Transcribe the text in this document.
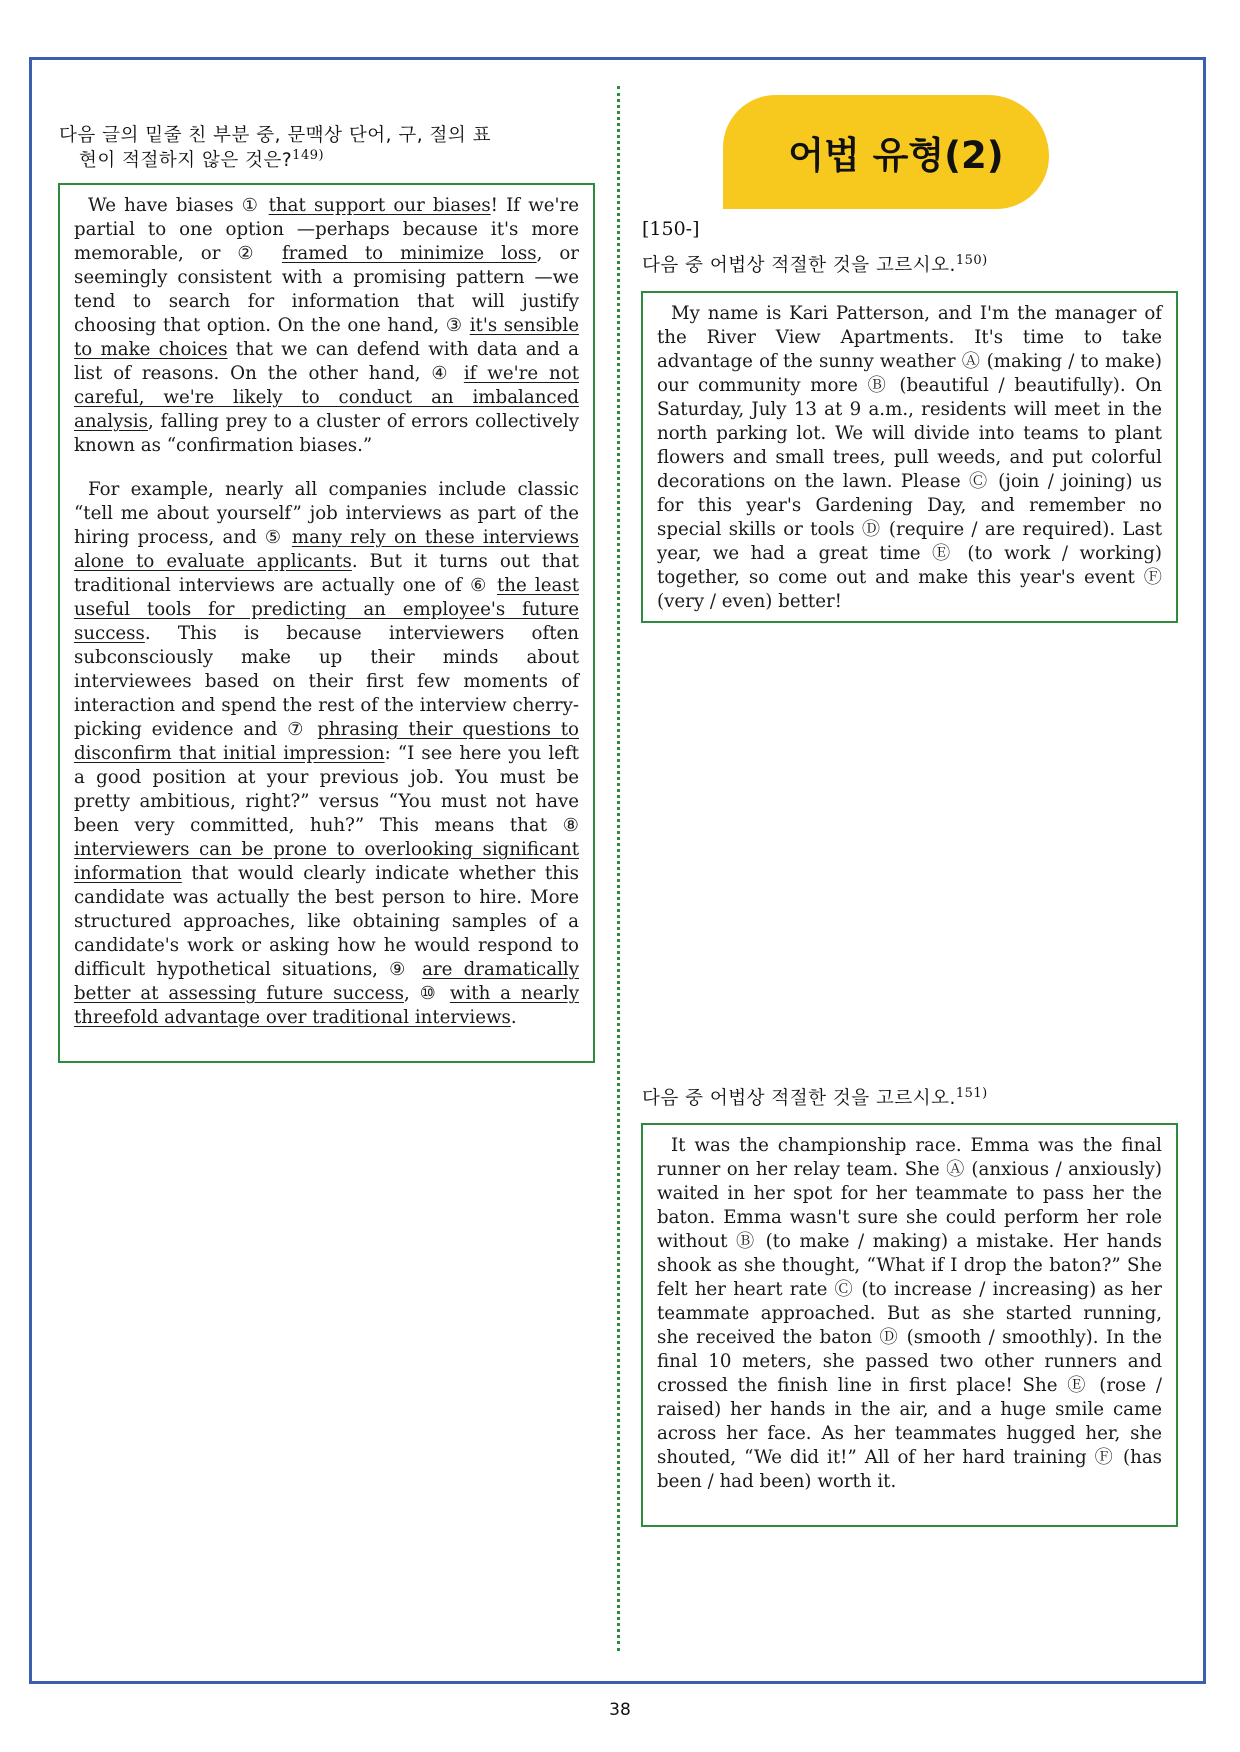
다음 글의 밑줄 친 부분 중, 문맥상 단어, 구, 절의 표
현이 적절하지 않은 것은?$^{149)}$

We have biases ① that support our biases! If we're partial to one option —perhaps because it's more memorable, or ② framed to minimize loss, or seemingly consistent with a promising pattern —we tend to search for information that will justify choosing that option. On the one hand, ③ it's sensible to make choices that we can defend with data and a list of reasons. On the other hand, ④ if we're not careful, we're likely to conduct an imbalanced analysis, falling prey to a cluster of errors collectively known as “confirmation biases.”

For example, nearly all companies include classic “tell me about yourself” job interviews as part of the hiring process, and ⑤ many rely on these interviews alone to evaluate applicants. But it turns out that traditional interviews are actually one of ⑥ the least useful tools for predicting an employee's future success. This is because interviewers often subconsciously make up their minds about interviewees based on their first few moments of interaction and spend the rest of the interview cherry-picking evidence and ⑦ phrasing their questions to disconfirm that initial impression: “I see here you left a good position at your previous job. You must be pretty ambitious, right?” versus “You must not have been very committed, huh?” This means that ⑧ interviewers can be prone to overlooking significant information that would clearly indicate whether this candidate was actually the best person to hire. More structured approaches, like obtaining samples of a candidate's work or asking how he would respond to difficult hypothetical situations, ⑨ are dramatically better at assessing future success, ⑩ with a nearly threefold advantage over traditional interviews.

어법 유형(2)
[150-]
다음 중 어법상 적절한 것을 고르시오.$^{150)}$

My name is Kari Patterson, and I'm the manager of the River View Apartments. It's time to take advantage of the sunny weather Ⓐ (making / to make) our community more Ⓑ (beautiful / beautifully). On Saturday, July 13 at 9 a.m., residents will meet in the north parking lot. We will divide into teams to plant flowers and small trees, pull weeds, and put colorful decorations on the lawn. Please Ⓒ (join / joining) us for this year's Gardening Day, and remember no special skills or tools Ⓓ (require / are required). Last year, we had a great time Ⓔ (to work / working) together, so come out and make this year's event Ⓕ (very / even) better!

다음 중 어법상 적절한 것을 고르시오.$^{151)}$

It was the championship race. Emma was the final runner on her relay team. She Ⓐ (anxious / anxiously) waited in her spot for her teammate to pass her the baton. Emma wasn't sure she could perform her role without Ⓑ (to make / making) a mistake. Her hands shook as she thought, “What if I drop the baton?” She felt her heart rate Ⓒ (to increase / increasing) as her teammate approached. But as she started running, she received the baton Ⓓ (smooth / smoothly). In the final 10 meters, she passed two other runners and crossed the finish line in first place! She Ⓔ (rose / raised) her hands in the air, and a huge smile came across her face. As her teammates hugged her, she shouted, “We did it!” All of her hard training Ⓕ (has been / had been) worth it.

38
